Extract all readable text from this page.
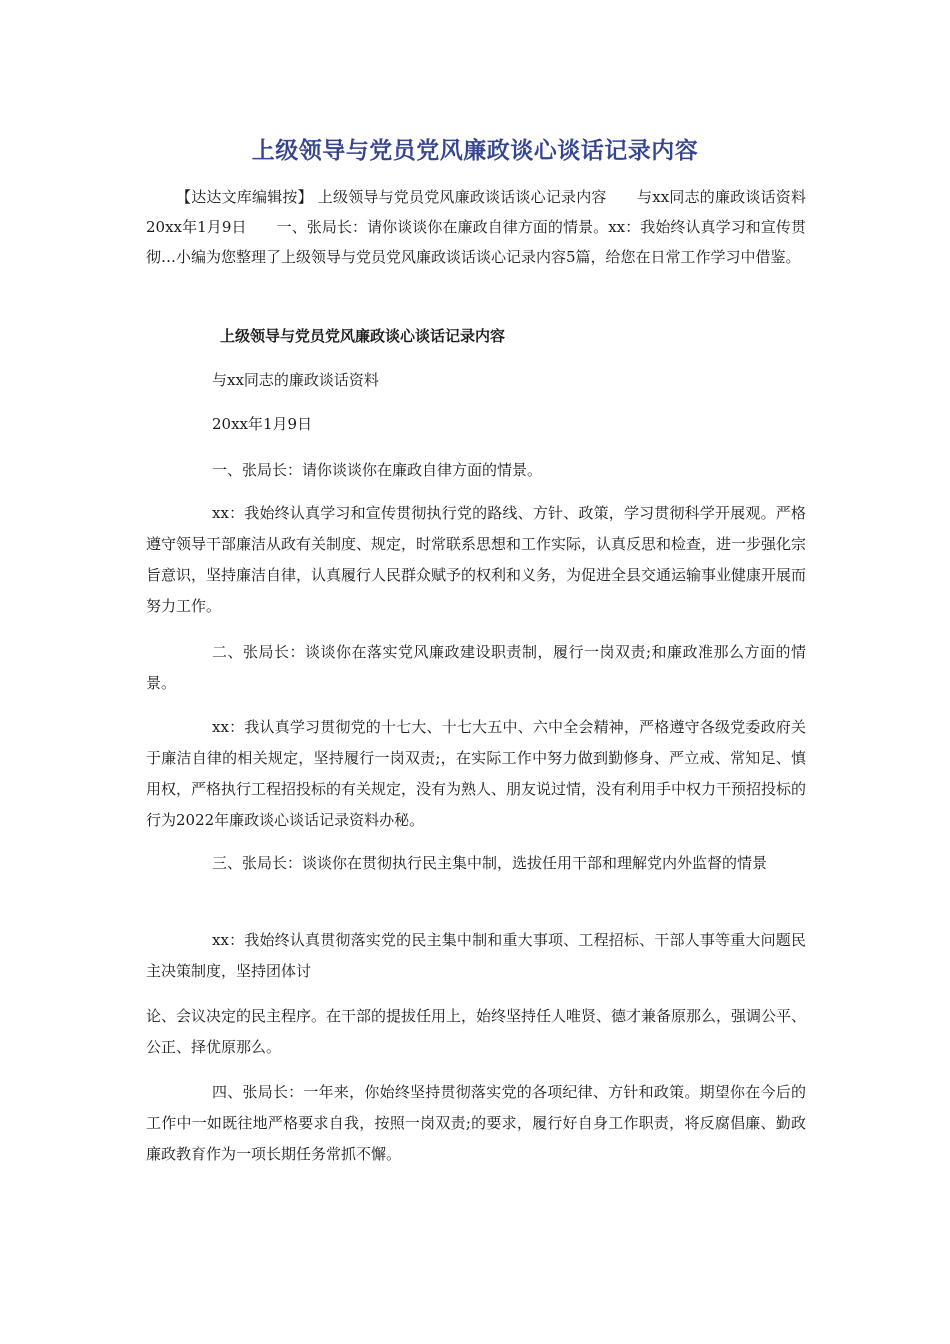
上级领导与党员党风廉政谈心谈话记录内容
【达达文库编辑按】 上级领导与党员党风廉政谈话谈心记录内容　　与xx同志的廉政谈话资料　　20xx年1月9日　　一、张局长：请你谈谈你在廉政自律方面的情景。xx：我始终认真学习和宣传贯彻…小编为您整理了上级领导与党员党风廉政谈话谈心记录内容5篇，给您在日常工作学习中借鉴。
上级领导与党员党风廉政谈心谈话记录内容
与xx同志的廉政谈话资料
20xx年1月9日
一、张局长：请你谈谈你在廉政自律方面的情景。
xx：我始终认真学习和宣传贯彻执行党的路线、方针、政策，学习贯彻科学开展观。严格遵守领导干部廉洁从政有关制度、规定，时常联系思想和工作实际，认真反思和检查，进一步强化宗旨意识，坚持廉洁自律，认真履行人民群众赋予的权利和义务，为促进全县交通运输事业健康开展而努力工作。
二、张局长：谈谈你在落实党风廉政建设职责制，履行一岗双责;和廉政准那么方面的情景。
xx：我认真学习贯彻党的十七大、十七大五中、六中全会精神，严格遵守各级党委政府关于廉洁自律的相关规定，坚持履行一岗双责;，在实际工作中努力做到勤修身、严立戒、常知足、慎用权，严格执行工程招投标的有关规定，没有为熟人、朋友说过情，没有利用手中权力干预招投标的行为2022年廉政谈心谈话记录资料办秘。
三、张局长：谈谈你在贯彻执行民主集中制，选拔任用干部和理解党内外监督的情景
xx：我始终认真贯彻落实党的民主集中制和重大事项、工程招标、干部人事等重大问题民主决策制度，坚持团体讨
论、会议决定的民主程序。在干部的提拔任用上，始终坚持任人唯贤、德才兼备原那么，强调公平、公正、择优原那么。
四、张局长：一年来，你始终坚持贯彻落实党的各项纪律、方针和政策。期望你在今后的工作中一如既往地严格要求自我，按照一岗双责;的要求，履行好自身工作职责，将反腐倡廉、勤政廉政教育作为一项长期任务常抓不懈。
